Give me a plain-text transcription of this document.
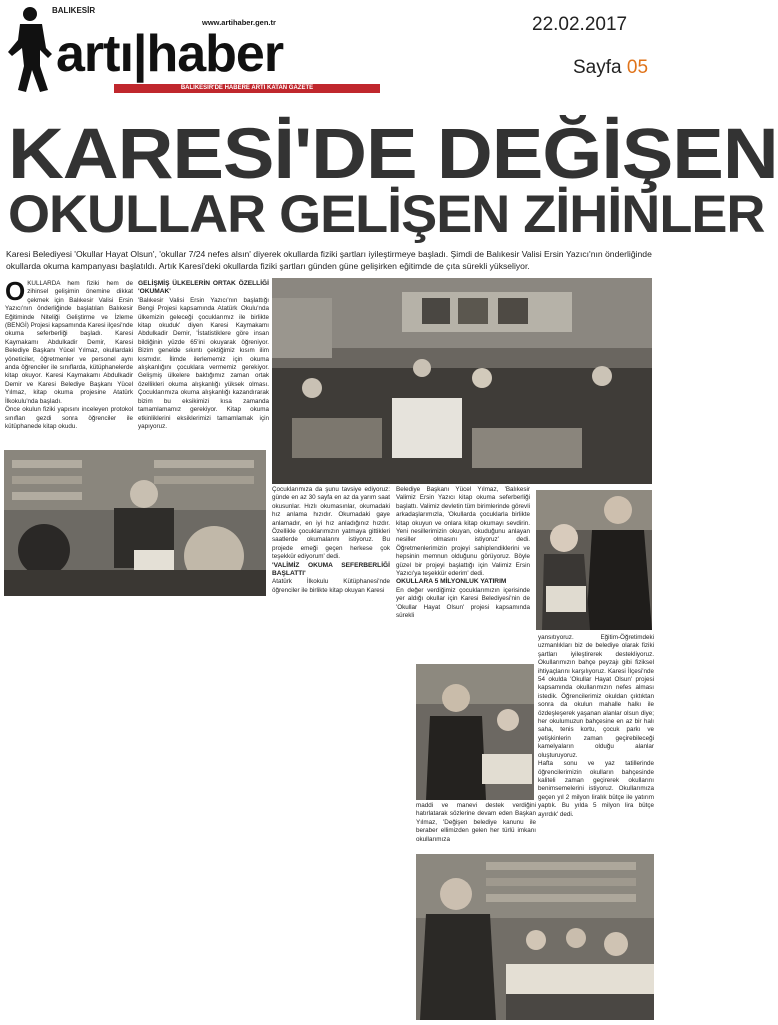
BALIKESİR
www.artihaber.gen.tr
artı|haber
BALIKESİR'DE HABERE ARTI KATAN GAZETE
22.02.2017
Sayfa 05
KARESİ'DE DEĞİŞEN
OKULLAR GELİŞEN ZİHİNLER
Karesi Belediyesi 'Okullar Hayat Olsun', 'okullar 7/24 nefes alsın' diyerek okullarda fiziki şartları iyileştirmeye başladı. Şimdi de Balıkesir Valisi Ersin Yazıcı'nın önderliğinde okullarda okuma kampanyası başlatıldı. Artık Karesi'deki okullarda fiziki şartları günden güne gelişirken eğitimde de çıta sürekli yükseliyor.
O KULLARDA hem fiziki hem de zihinsel gelişimin önemine dikkat çekmek için Balıkesir Valisi Ersin Yazıcı'nın önderliğinde başlatılan Balıkesir Eğitiminde Niteliği Geliştirme ve İzleme (BENGİ) Projesi kapsamında Karesi ilçesi'nde okuma seferberliği başladı. Karesi Kaymakamı Abdulkadir Demir, Karesi Belediye Başkanı Yücel Yılmaz, okullardaki yöneticiler, öğretmenler ve personel aynı anda öğrenciler ile sınıflarda, kütüphanelerde kitap okuyor. Karesi Kaymakamı Abdulkadir Demir ve Karesi Belediye Başkanı Yücel Yılmaz, kitap okuma projesine Atatürk İlkokulu'nda başladı.

Önce okulun fiziki yapısını inceleyen protokol sınıfları gezdi sonra öğrenciler ile kütüphanede kitap okudu.

GELİŞMİŞ ÜLKELERİN ORTAK ÖZELLİĞİ 'OKUMAK'

'Balıkesir Valisi Ersin Yazıcı'nın başlattığı Bengi Projesi kapsamında Atatürk Okulu'nda ülkemizin geleceği çocuklarımız ile birlikte kitap okuduk' diyen Karesi Kaymakamı Abdulkadir Demir, 'İstatistiklere göre insan bildiğinin yüzde 65'ini okuyarak öğreniyor. Bizim genelde sıkıntı çektiğimiz kısım ilim kısmıdır. İlimde ilerlememiz için okuma alışkanlığını çocuklara vermemiz gerekiyor. Gelişmiş ülkelere baktığımız zaman ortak özellikleri okuma alışkanlığı yüksek olması. Çocuklarımıza okuma alışkanlığı kazandırarak bizim bu eksikimizi kısa zamanda tamamlamamız gerekiyor. Kitap okuma etkinliklerini eksiklerimizi tamamlamak için yapıyoruz.

Çocuklarımıza da şunu tavsiye ediyoruz: günde en az 30 sayfa en az da yarım saat okusunlar. Hızlı okumasınlar, okumadaki hız anlama hızıdır. Okumadaki gaye anlamadır, en iyi hız anladığınız hızdır. Özellikle çocuklarımızın yatmaya gittikleri saatlerde okumalarını istiyoruz. Bu projede emeği geçen herkese çok teşekkür ediyorum' dedi.

'VALİMİZ OKUMA SEFERBERLİĞİ BAŞLATTI'

Atatürk İlkokulu Kütüphanesi'nde öğrenciler ile birlikte kitap okuyan Karesi

Belediye Başkanı Yücel Yılmaz, 'Balıkesir Valimiz Ersin Yazıcı kitap okuma seferberliği başlattı. Valimiz devletin tüm birimlerinde görevli arkadaşlarımızla, 'Okullarda çocuklarla birlikte kitap okuyun ve onlara kitap okumayı sevdirin. Yeni nesillerimizin okuyan, okuduğunu anlayan nesiller olmasını istiyoruz' dedi. Öğretmenlerimizin projeyi sahiplendiklerini ve hepsinin memnun olduğunu görüyoruz. Böyle güzel bir projeyi başlattığı için Valimiz Ersin Yazıcı'ya teşekkür ederim' dedi.

OKULLARA 5 MİLYONLUK YATIRIM

En değer verdiğimiz çocuklarımızın içerisinde yer aldığı okullar için Karesi Belediyesi'nin de 'Okullar Hayat Olsun' projesi kapsamında sürekli

yansıtıyoruz. Eğitim-Öğretimdeki uzmanlıkları biz de belediye olarak fiziki şartları iyileştirerek destekliyoruz. Okullarımızın bahçe peyzajı gibi fiziksel ihtiyaçlarını karşılıyoruz. Karesi İlçesi'nde 54 okulda 'Okullar Hayat Olsun' projesi kapsamında okullarımızın nefes alması istedik. Öğrencilerimiz okuldan çıktıktan sonra da okulun mahalle halkı ile özdeşleşerek yaşanan alanlar olsun diye; her okulumuzun bahçesine en az bir halı saha, tenis kortu, çocuk parkı ve yetişkinlerin zaman geçirebileceği kamelyaların olduğu alanlar oluşturuyoruz.

Hafta sonu ve yaz tatillerinde öğrencilerimizin okulların bahçesinde kaliteli zaman geçirerek okullarını benimsemelerini istiyoruz. Okullarımıza geçen yıl 2 milyon liralık bütçe ile yatırım yaptık. Bu yılda 5 milyon lira bütçe ayırdık' dedi.

maddi ve manevi destek verdiğini hatırlatarak sözlerine devam eden Başkan Yılmaz, 'Değişen belediye kanunu ile beraber ellimizden gelen her türlü imkanı okullarımıza
